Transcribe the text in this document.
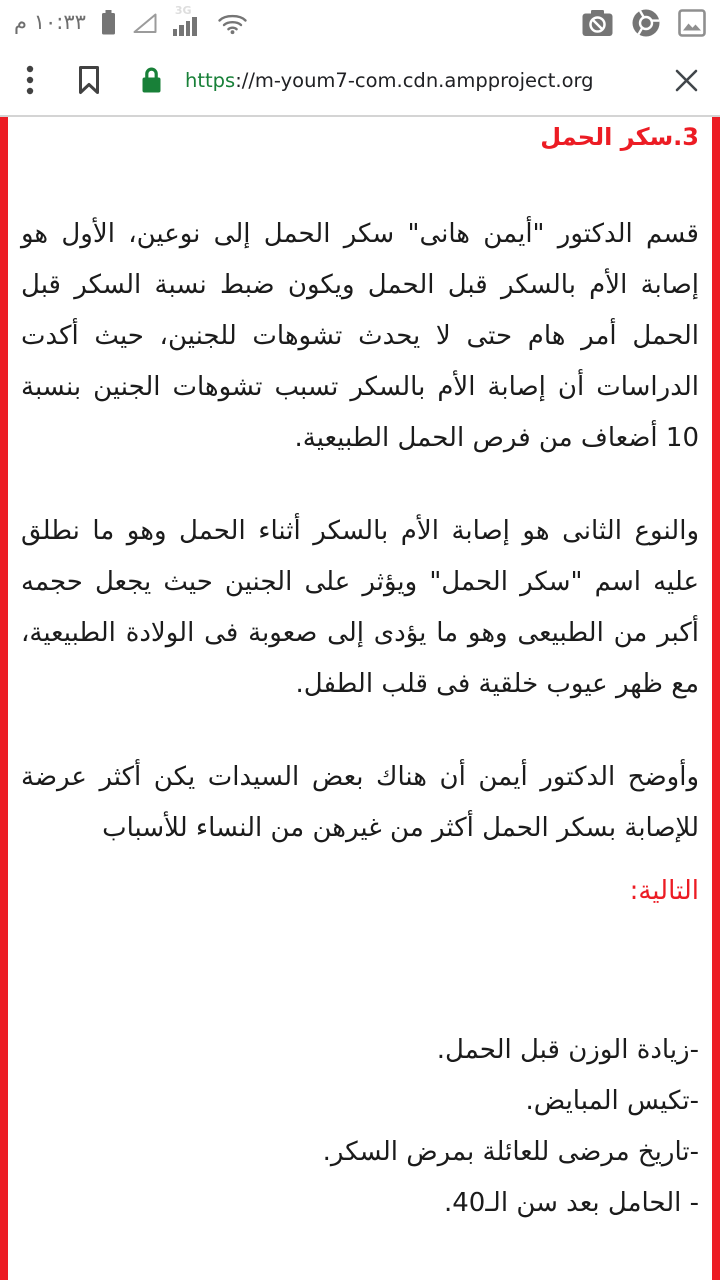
١٠:٣٣ م	3G
https://m-youm7-com.cdn.ampproject.org
3.سكر الحمل

قسم الدكتور "أيمن هانى" سكر الحمل إلى نوعين، الأول هو إصابة الأم بالسكر قبل الحمل ويكون ضبط نسبة السكر قبل الحمل أمر هام حتى لا يحدث تشوهات للجنين، حيث أكدت الدراسات أن إصابة الأم بالسكر تسبب تشوهات الجنين بنسبة 10 أضعاف من فرص الحمل الطبيعية.

والنوع الثانى هو إصابة الأم بالسكر أثناء الحمل وهو ما نطلق عليه اسم "سكر الحمل" ويؤثر على الجنين حيث يجعل حجمه أكبر من الطبيعى وهو ما يؤدى إلى صعوبة فى الولادة الطبيعية، مع ظهر عيوب خلقية فى قلب الطفل.

وأوضح الدكتور أيمن أن هناك بعض السيدات يكن أكثر عرضة للإصابة بسكر الحمل أكثر من غيرهن من النساء للأسباب

التالية:

-زيادة الوزن قبل الحمل.
-تكيس المبايض.
-تاريخ مرضى للعائلة بمرض السكر.
- الحامل بعد سن الـ40.
